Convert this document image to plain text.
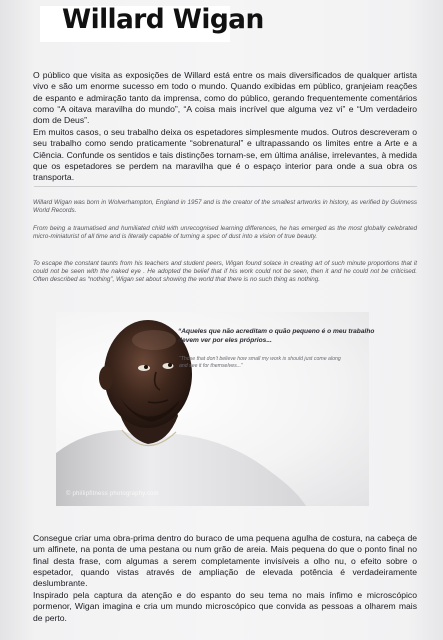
Willard Wigan
O público que visita as exposições de Willard está entre os mais diversificados de qualquer artista vivo e são um enorme sucesso em todo o mundo. Quando exibidas em público, granjeiam reações de espanto e admiração tanto da imprensa, como do público, gerando frequentemente comentários como “A oitava maravilha do mundo”, “A coisa mais incrível que alguma vez vi” e “Um verdadeiro dom de Deus”.
Em muitos casos, o seu trabalho deixa os espetadores simplesmente mudos. Outros descreveram o seu trabalho como sendo praticamente “sobrenatural” e ultrapassando os limites entre a Arte e a Ciência. Confunde os sentidos e tais distinções tornam-se, em última análise, irrelevantes, à medida que os espetadores se perdem na maravilha que é o espaço interior para onde a sua obra os transporta.
Willard Wigan was born in Wolverhampton, England in 1957 and is the creator of the smallest artworks in history, as verified by Guinness World Records.
From being a traumatised and humiliated child with unrecognised learning differences, he has emerged as the most globally celebrated micro-miniaturist of all time and is literally capable of turning a spec of dust into a vision of true beauty.
To escape the constant taunts from his teachers and student peers, Wigan found solace in creating art of such minute proportions that it could not be seen with the naked eye . He adopted the belief that if his work could not be seen, then it and he could not be criticised. Often described as “nothing”, Wigan set about showing the world that there is no such thing as nothing.
“Aqueles que não acreditam o quão pequeno é o meu trabalho devem ver por eles próprios...
“Those that don’t believe how small my work is should just come along and see it for themselves...”
© phillipfitness photography.com
Consegue criar uma obra-prima dentro do buraco de uma pequena agulha de costura, na cabeça de um alfinete, na ponta de uma pestana ou num grão de areia. Mais pequena do que o ponto final no final desta frase, com algumas a serem completamente invisíveis a olho nu, o efeito sobre o espetador, quando vistas através de ampliação de elevada potência é verdadeiramente deslumbrante.
Inspirado pela captura da atenção e do espanto do seu tema no mais ínfimo e microscópico pormenor, Wigan imagina e cria um mundo microscópico que convida as pessoas a olharem mais de perto.
